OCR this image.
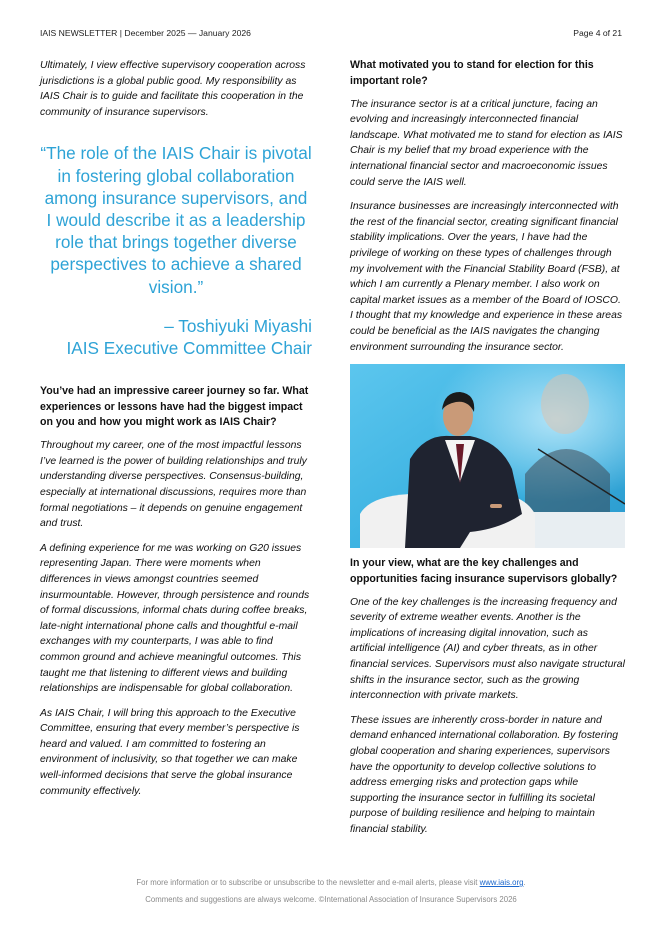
IAIS NEWSLETTER | December 2025 — January 2026	Page 4 of 21

Ultimately, I view effective supervisory cooperation across jurisdictions is a global public good. My responsibility as IAIS Chair is to guide and facilitate this cooperation in the community of insurance supervisors.

“The role of the IAIS Chair is pivotal in fostering global collaboration among insurance supervisors, and I would describe it as a leadership role that brings together diverse perspectives to achieve a shared vision.”
– Toshiyuki Miyashi
IAIS Executive Committee Chair

You’ve had an impressive career journey so far. What experiences or lessons have had the biggest impact on you and how you might work as IAIS Chair?

Throughout my career, one of the most impactful lessons I’ve learned is the power of building relationships and truly understanding diverse perspectives. Consensus-building, especially at international discussions, requires more than formal negotiations – it depends on genuine engagement and trust.

A defining experience for me was working on G20 issues representing Japan. There were moments when differences in views amongst countries seemed insurmountable. However, through persistence and rounds of formal discussions, informal chats during coffee breaks, late-night international phone calls and thoughtful e-mail exchanges with my counterparts, I was able to find common ground and achieve meaningful outcomes. This taught me that listening to different views and building relationships are indispensable for global collaboration.

As IAIS Chair, I will bring this approach to the Executive Committee, ensuring that every member’s perspective is heard and valued. I am committed to fostering an environment of inclusivity, so that together we can make well-informed decisions that serve the global insurance community effectively.

What motivated you to stand for election for this important role?

The insurance sector is at a critical juncture, facing an evolving and increasingly interconnected financial landscape. What motivated me to stand for election as IAIS Chair is my belief that my broad experience with the international financial sector and macroeconomic issues could serve the IAIS well.

Insurance businesses are increasingly interconnected with the rest of the financial sector, creating significant financial stability implications. Over the years, I have had the privilege of working on these types of challenges through my involvement with the Financial Stability Board (FSB), at which I am currently a Plenary member. I also work on capital market issues as a member of the Board of IOSCO. I thought that my knowledge and experience in these areas could be beneficial as the IAIS navigates the changing environment surrounding the insurance sector.

In your view, what are the key challenges and opportunities facing insurance supervisors globally?

One of the key challenges is the increasing frequency and severity of extreme weather events. Another is the implications of increasing digital innovation, such as artificial intelligence (AI) and cyber threats, as in other financial services. Supervisors must also navigate structural shifts in the insurance sector, such as the growing interconnection with private markets.

These issues are inherently cross-border in nature and demand enhanced international collaboration. By fostering global cooperation and sharing experiences, supervisors have the opportunity to develop collective solutions to address emerging risks and protection gaps while supporting the insurance sector in fulfilling its societal purpose of building resilience and helping to maintain financial stability.

For more information or to subscribe or unsubscribe to the newsletter and e-mail alerts, please visit www.iais.org.
Comments and suggestions are always welcome. ©International Association of Insurance Supervisors 2026
